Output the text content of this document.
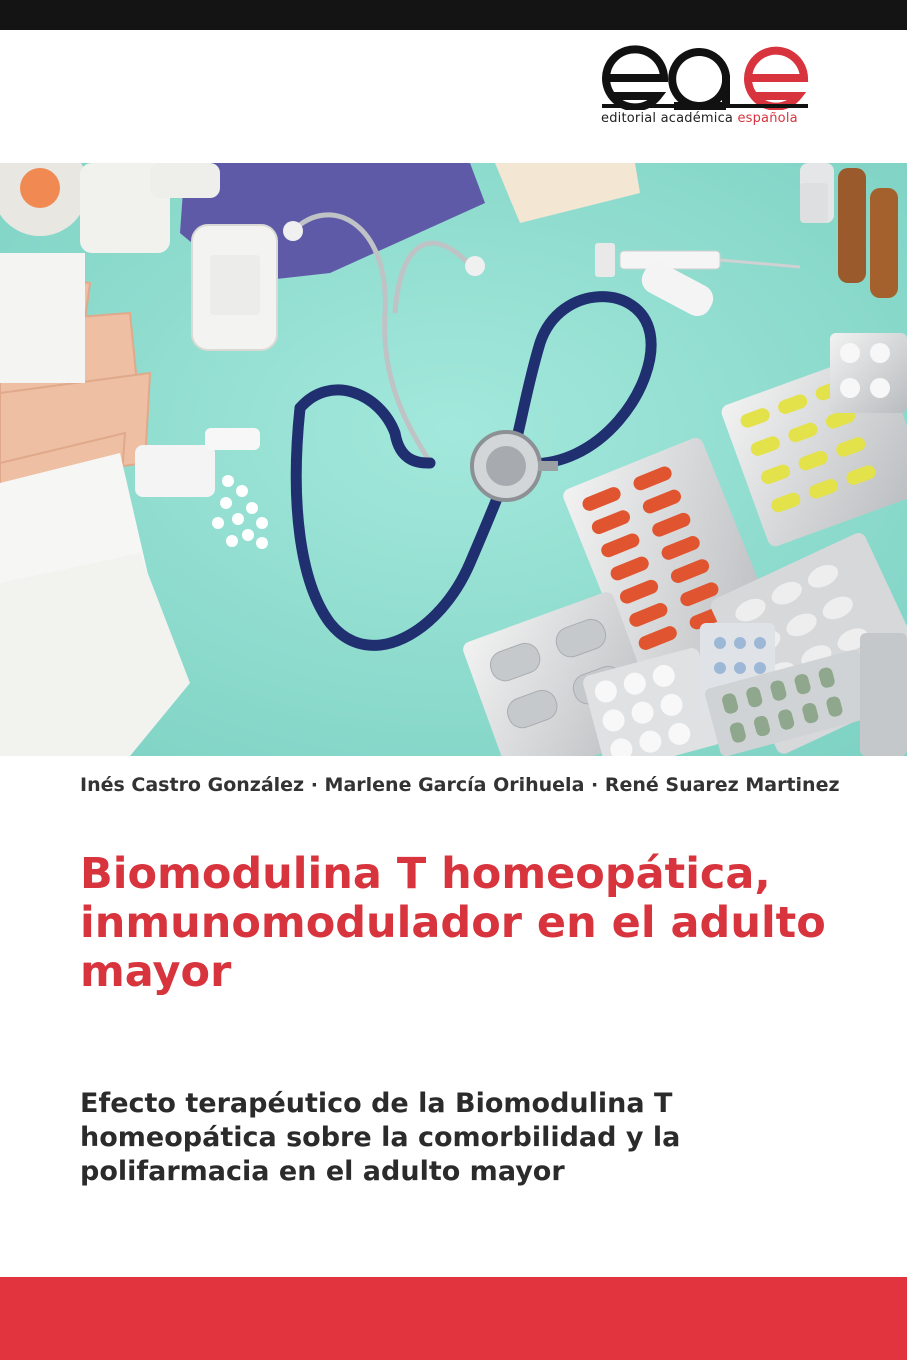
editorial académica española
Inés Castro González · Marlene García Orihuela · René Suarez Martinez
Biomodulina T homeopática, inmunomodulador en el adulto mayor
Efecto terapéutico de la Biomodulina T homeopática sobre la comorbilidad y la polifarmacia en el adulto mayor
